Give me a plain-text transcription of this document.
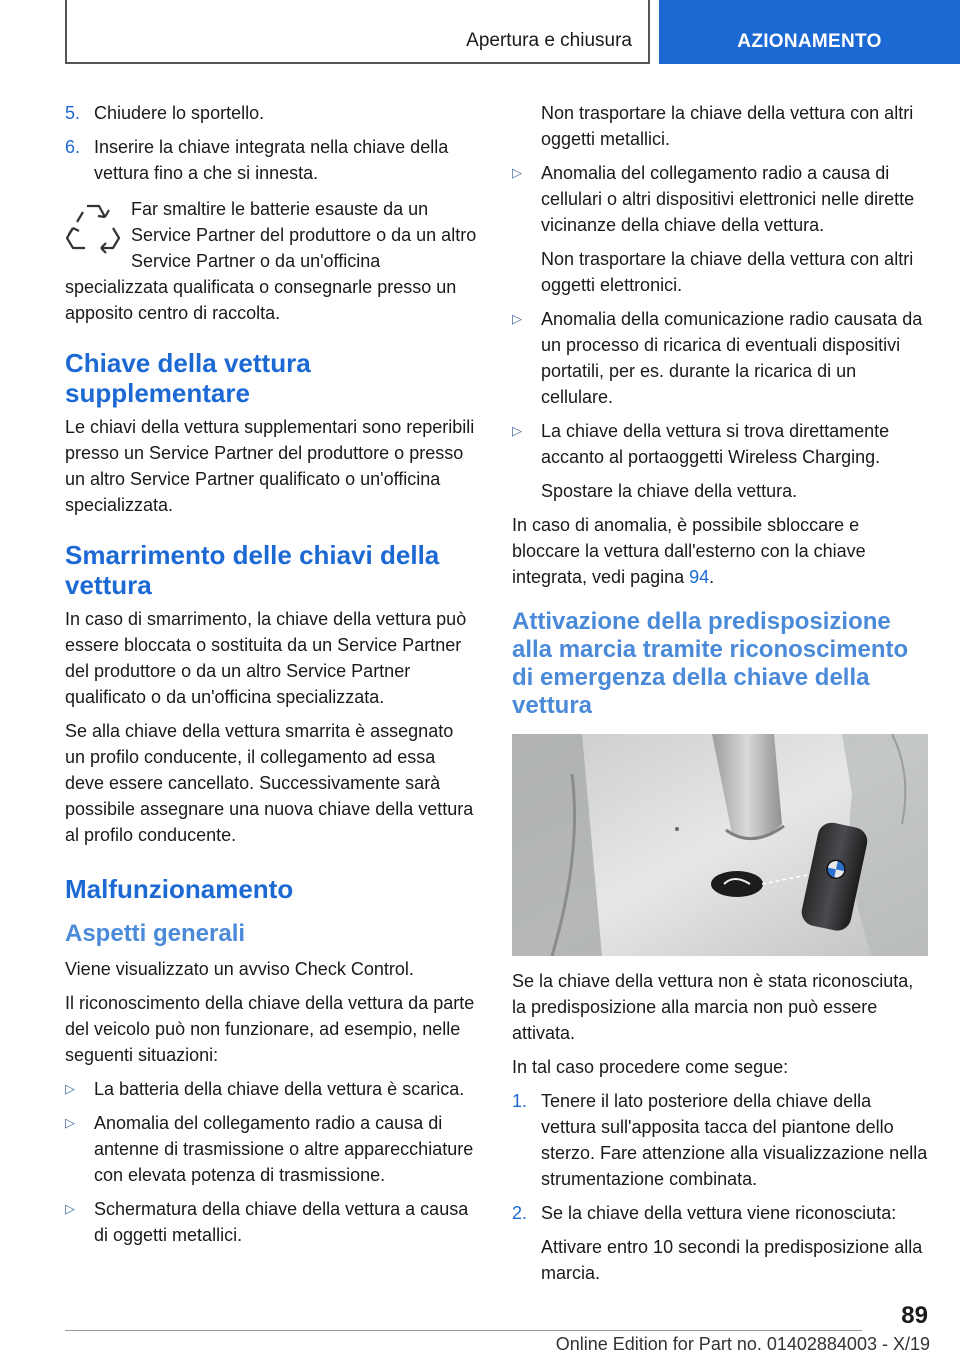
Apertura e chiusura	AZIONAMENTO
5. Chiudere lo sportello.
6. Inserire la chiave integrata nella chiave della vettura fino a che si innesta.
Far smaltire le batterie esauste da un Service Partner del produttore o da un altro Service Partner o da un'officina specializzata qualificata o consegnarle presso un apposito centro di raccolta.
Chiave della vettura supplementare

Le chiavi della vettura supplementari sono reperibili presso un Service Partner del produttore o presso un altro Service Partner qualificato o un'officina specializzata.

Smarrimento delle chiavi della vettura

In caso di smarrimento, la chiave della vettura può essere bloccata o sostituita da un Service Partner del produttore o da un altro Service Partner qualificato o da un'officina specializzata.

Se alla chiave della vettura smarrita è assegnato un profilo conducente, il collegamento ad essa deve essere cancellato. Successivamente sarà possibile assegnare una nuova chiave della vettura al profilo conducente.

Malfunzionamento
Aspetti generali

Viene visualizzato un avviso Check Control.

Il riconoscimento della chiave della vettura da parte del veicolo può non funzionare, ad esempio, nelle seguenti situazioni:

▷ La batteria della chiave della vettura è scarica.
▷ Anomalia del collegamento radio a causa di antenne di trasmissione o altre apparecchiature con elevata potenza di trasmissione.
▷ Schermatura della chiave della vettura a causa di oggetti metallici.

Non trasportare la chiave della vettura con altri oggetti metallici.

▷ Anomalia del collegamento radio a causa di cellulari o altri dispositivi elettronici nelle dirette vicinanze della chiave della vettura.

Non trasportare la chiave della vettura con altri oggetti elettronici.

▷ Anomalia della comunicazione radio causata da un processo di ricarica di eventuali dispositivi portatili, per es. durante la ricarica di un cellulare.
▷ La chiave della vettura si trova direttamente accanto al portaoggetti Wireless Charging.

Spostare la chiave della vettura.

In caso di anomalia, è possibile sbloccare e bloccare la vettura dall'esterno con la chiave integrata, vedi pagina 94.

Attivazione della predisposizione alla marcia tramite riconoscimento di emergenza della chiave della vettura

Se la chiave della vettura non è stata riconosciuta, la predisposizione alla marcia non può essere attivata.

In tal caso procedere come segue:

1. Tenere il lato posteriore della chiave della vettura sull'apposita tacca del piantone dello sterzo. Fare attenzione alla visualizzazione nella strumentazione combinata.
2. Se la chiave della vettura viene riconosciuta:

Attivare entro 10 secondi la predisposizione alla marcia.

89
Online Edition for Part no. 01402884003 - X/19
